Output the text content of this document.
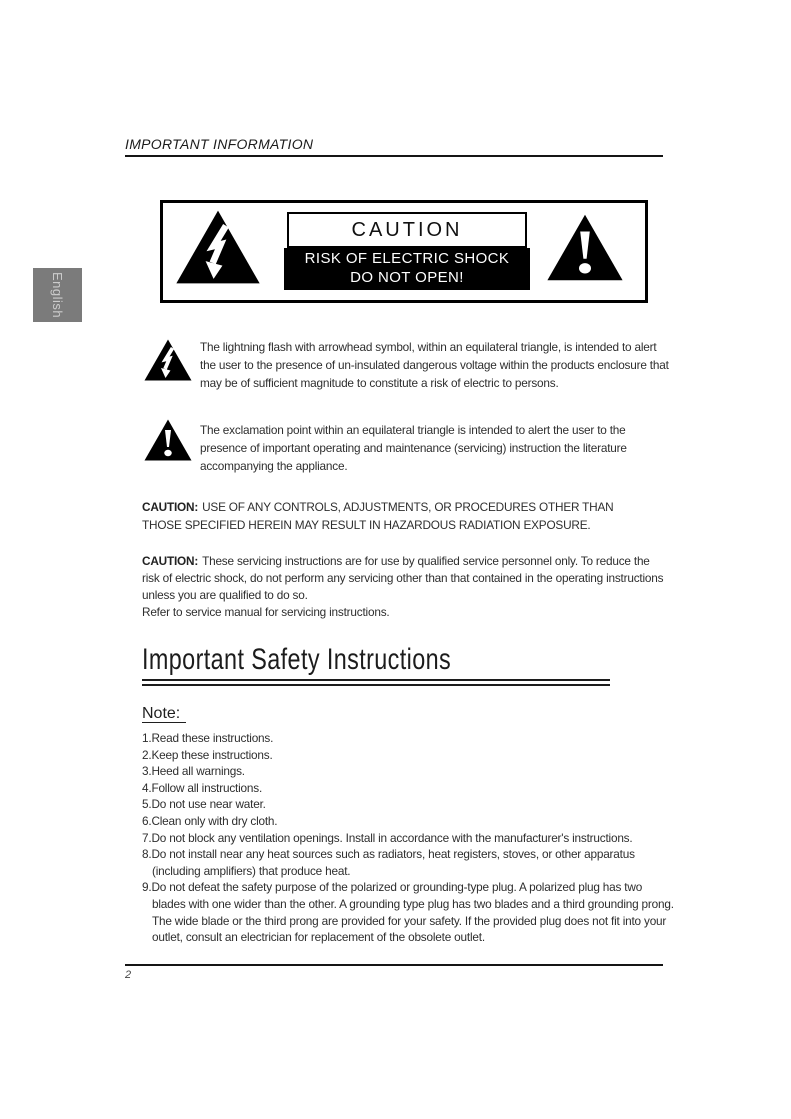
IMPORTANT INFORMATION
English
CAUTION
RISK OF ELECTRIC SHOCK
DO NOT OPEN!
The lightning flash with arrowhead symbol, within an equilateral triangle, is intended to alert the user to the presence of un-insulated dangerous voltage within the products enclosure that may be of sufficient magnitude to constitute a risk of electric to persons.
The exclamation point within an equilateral triangle is intended to alert the user to the presence of important operating and maintenance (servicing) instruction the literature accompanying the appliance.
CAUTION: USE OF ANY CONTROLS, ADJUSTMENTS, OR PROCEDURES OTHER THAN THOSE SPECIFIED HEREIN MAY RESULT IN HAZARDOUS RADIATION EXPOSURE.
CAUTION: These servicing instructions are for use by qualified service personnel only. To reduce the risk of electric shock, do not perform any servicing other than that contained in the operating instructions unless you are qualified to do so.
Refer to service manual for servicing instructions.
Important Safety Instructions
Note:
1.Read these instructions.
2.Keep these instructions.
3.Heed all warnings.
4.Follow all instructions.
5.Do not use near water.
6.Clean only with dry cloth.
7.Do not block any ventilation openings. Install in accordance with the manufacturer's instructions.
8.Do not install near any heat sources such as radiators, heat registers, stoves, or other apparatus (including amplifiers) that produce heat.
9.Do not defeat the safety purpose of the polarized or grounding-type plug. A polarized plug has two blades with one wider than the other. A grounding type plug has two blades and a third grounding prong. The wide blade or the third prong are provided for your safety. If the provided plug does not fit into your outlet, consult an electrician for replacement of the obsolete outlet.
2
